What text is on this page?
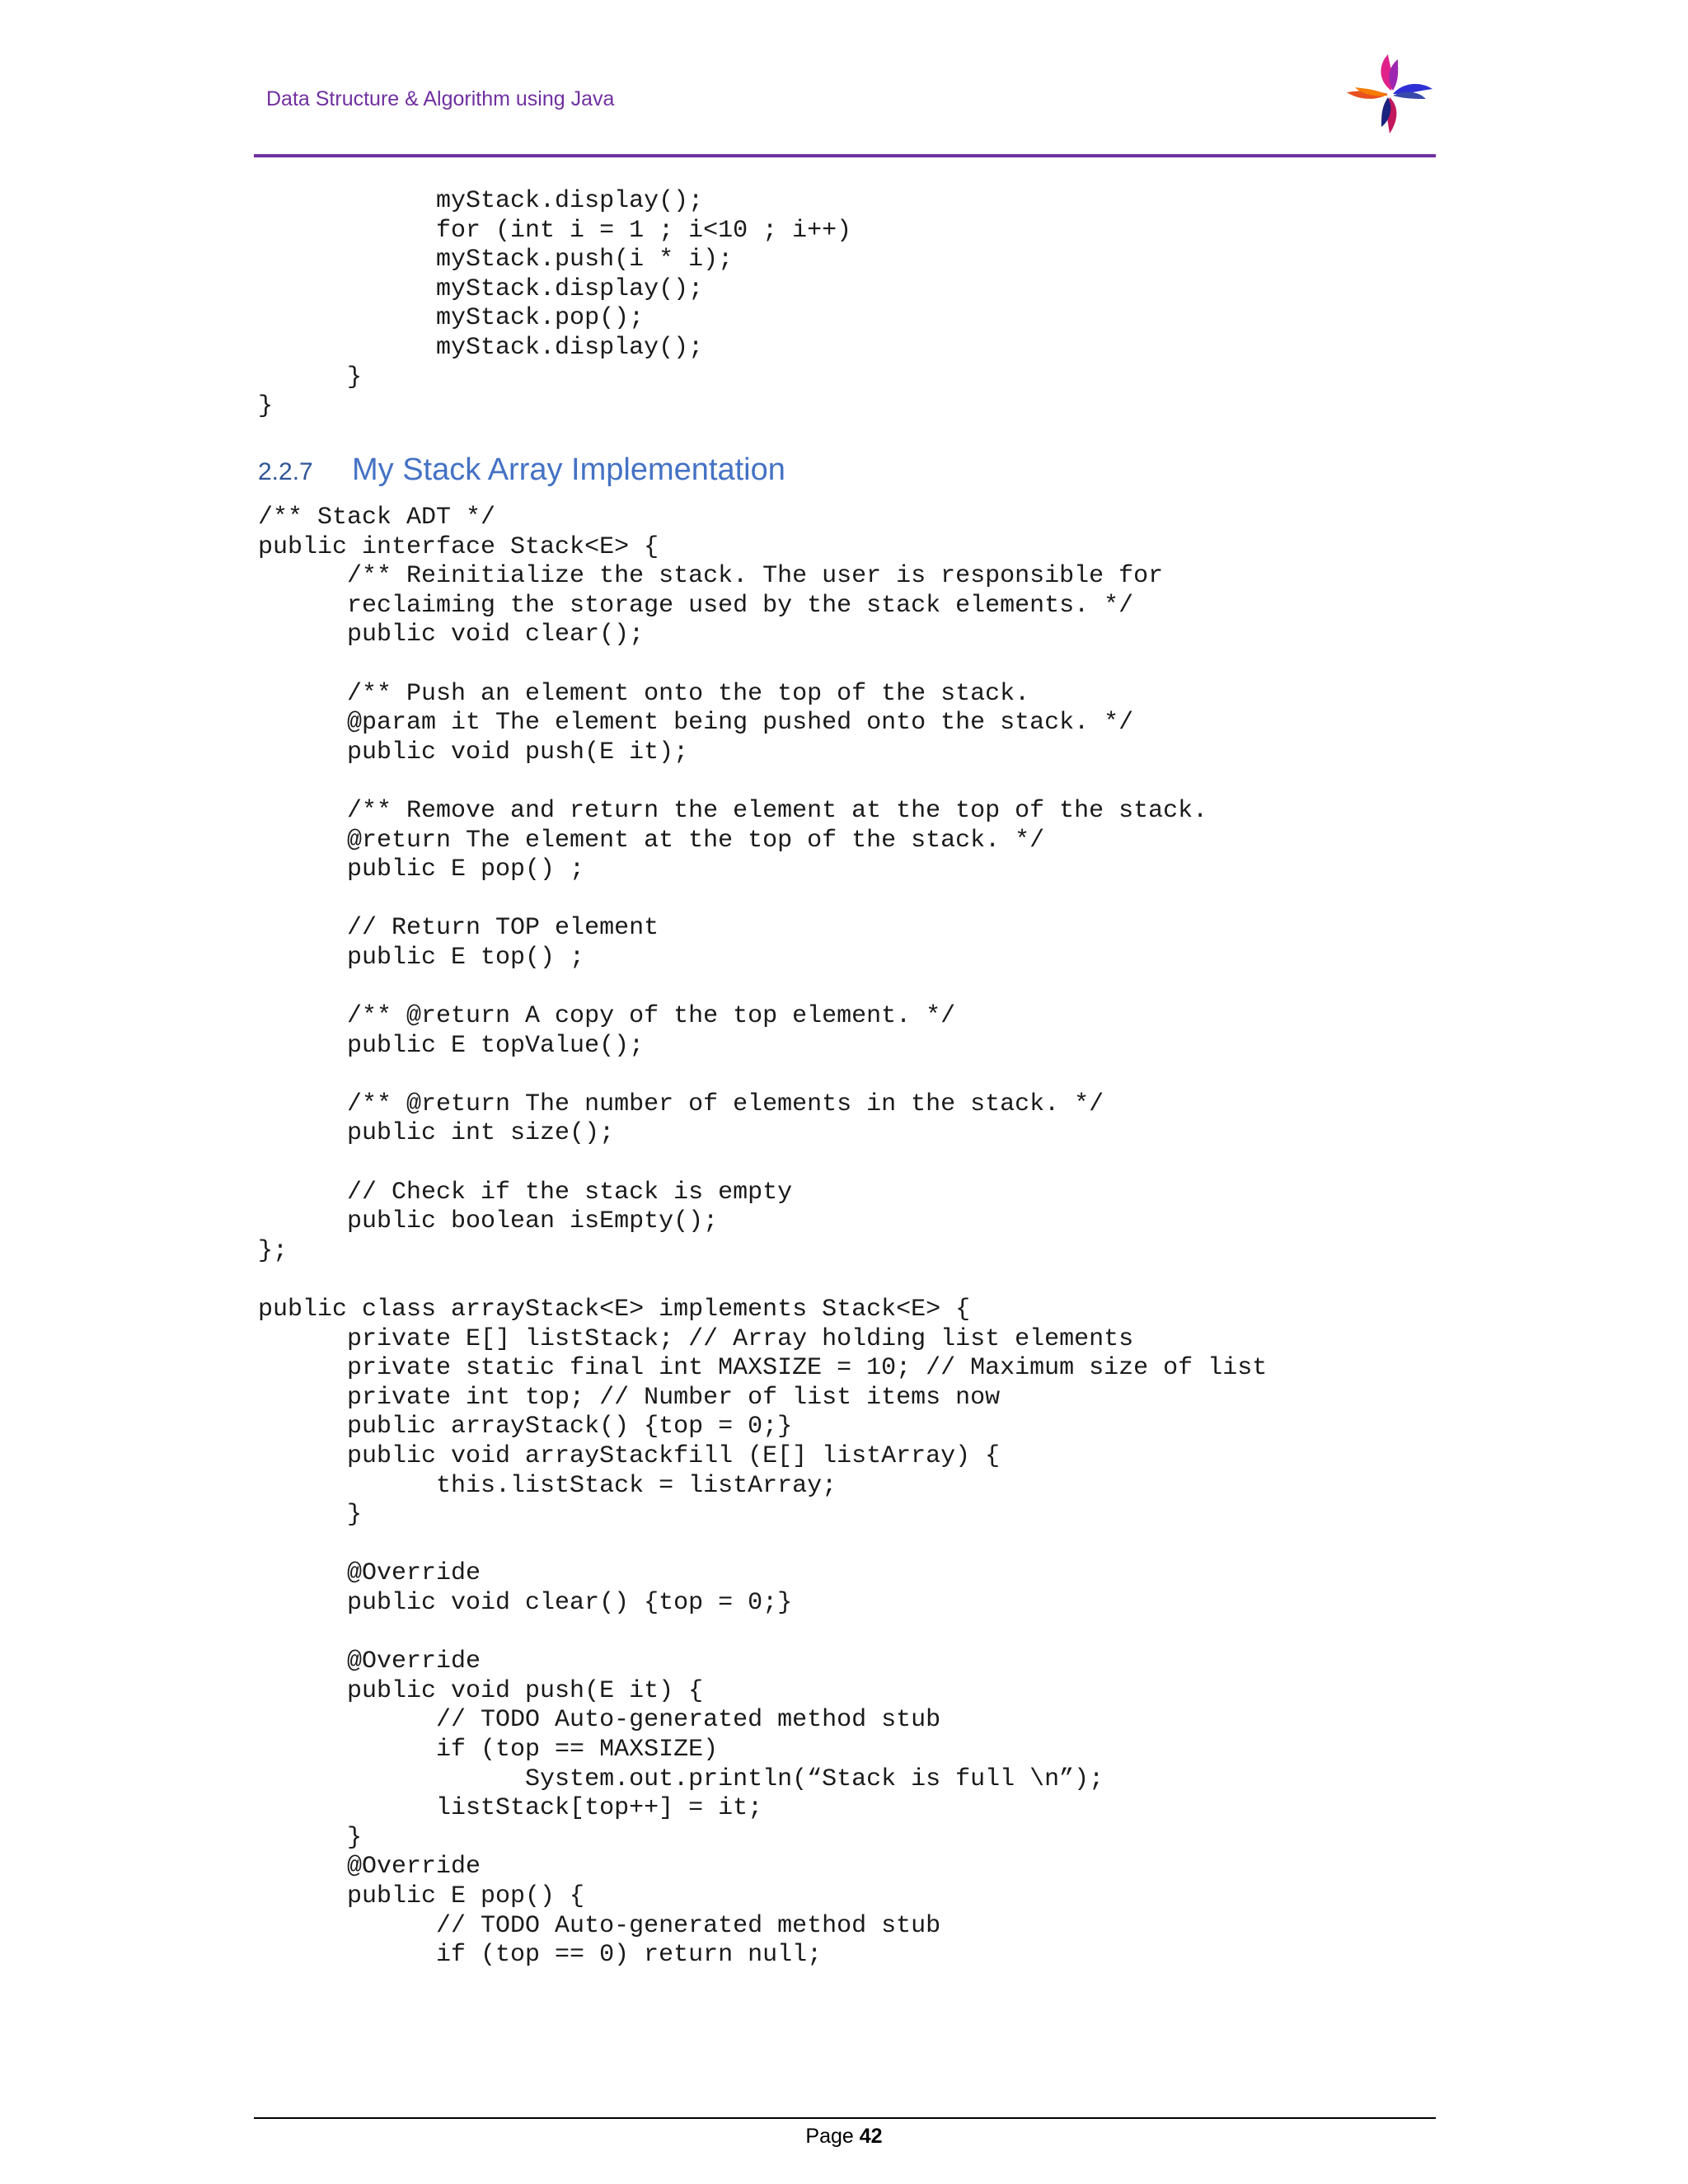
Data Structure & Algorithm using Java
myStack.display();
for (int i = 1 ; i<10 ; i++)
myStack.push(i * i);
myStack.display();
myStack.pop();
myStack.display();
}
}
2.2.7 My Stack Array Implementation
/** Stack ADT */
public interface Stack<E> {
/** Reinitialize the stack. The user is responsible for
reclaiming the storage used by the stack elements. */
public void clear();

/** Push an element onto the top of the stack.
@param it The element being pushed onto the stack. */
public void push(E it);

/** Remove and return the element at the top of the stack.
@return The element at the top of the stack. */
public E pop() ;

// Return TOP element
public E top() ;

/** @return A copy of the top element. */
public E topValue();

/** @return The number of elements in the stack. */
public int size();

// Check if the stack is empty
public boolean isEmpty();
};

public class arrayStack<E> implements Stack<E> {
private E[] listStack; // Array holding list elements
private static final int MAXSIZE = 10; // Maximum size of list
private int top; // Number of list items now
public arrayStack() {top = 0;}
public void arrayStackfill (E[] listArray) {
this.listStack = listArray;
}

@Override
public void clear() {top = 0;}

@Override
public void push(E it) {
// TODO Auto-generated method stub
if (top == MAXSIZE)
System.out.println(“Stack is full \n”);
listStack[top++] = it;
}
@Override
public E pop() {
// TODO Auto-generated method stub
if (top == 0) return null;
Page 42
